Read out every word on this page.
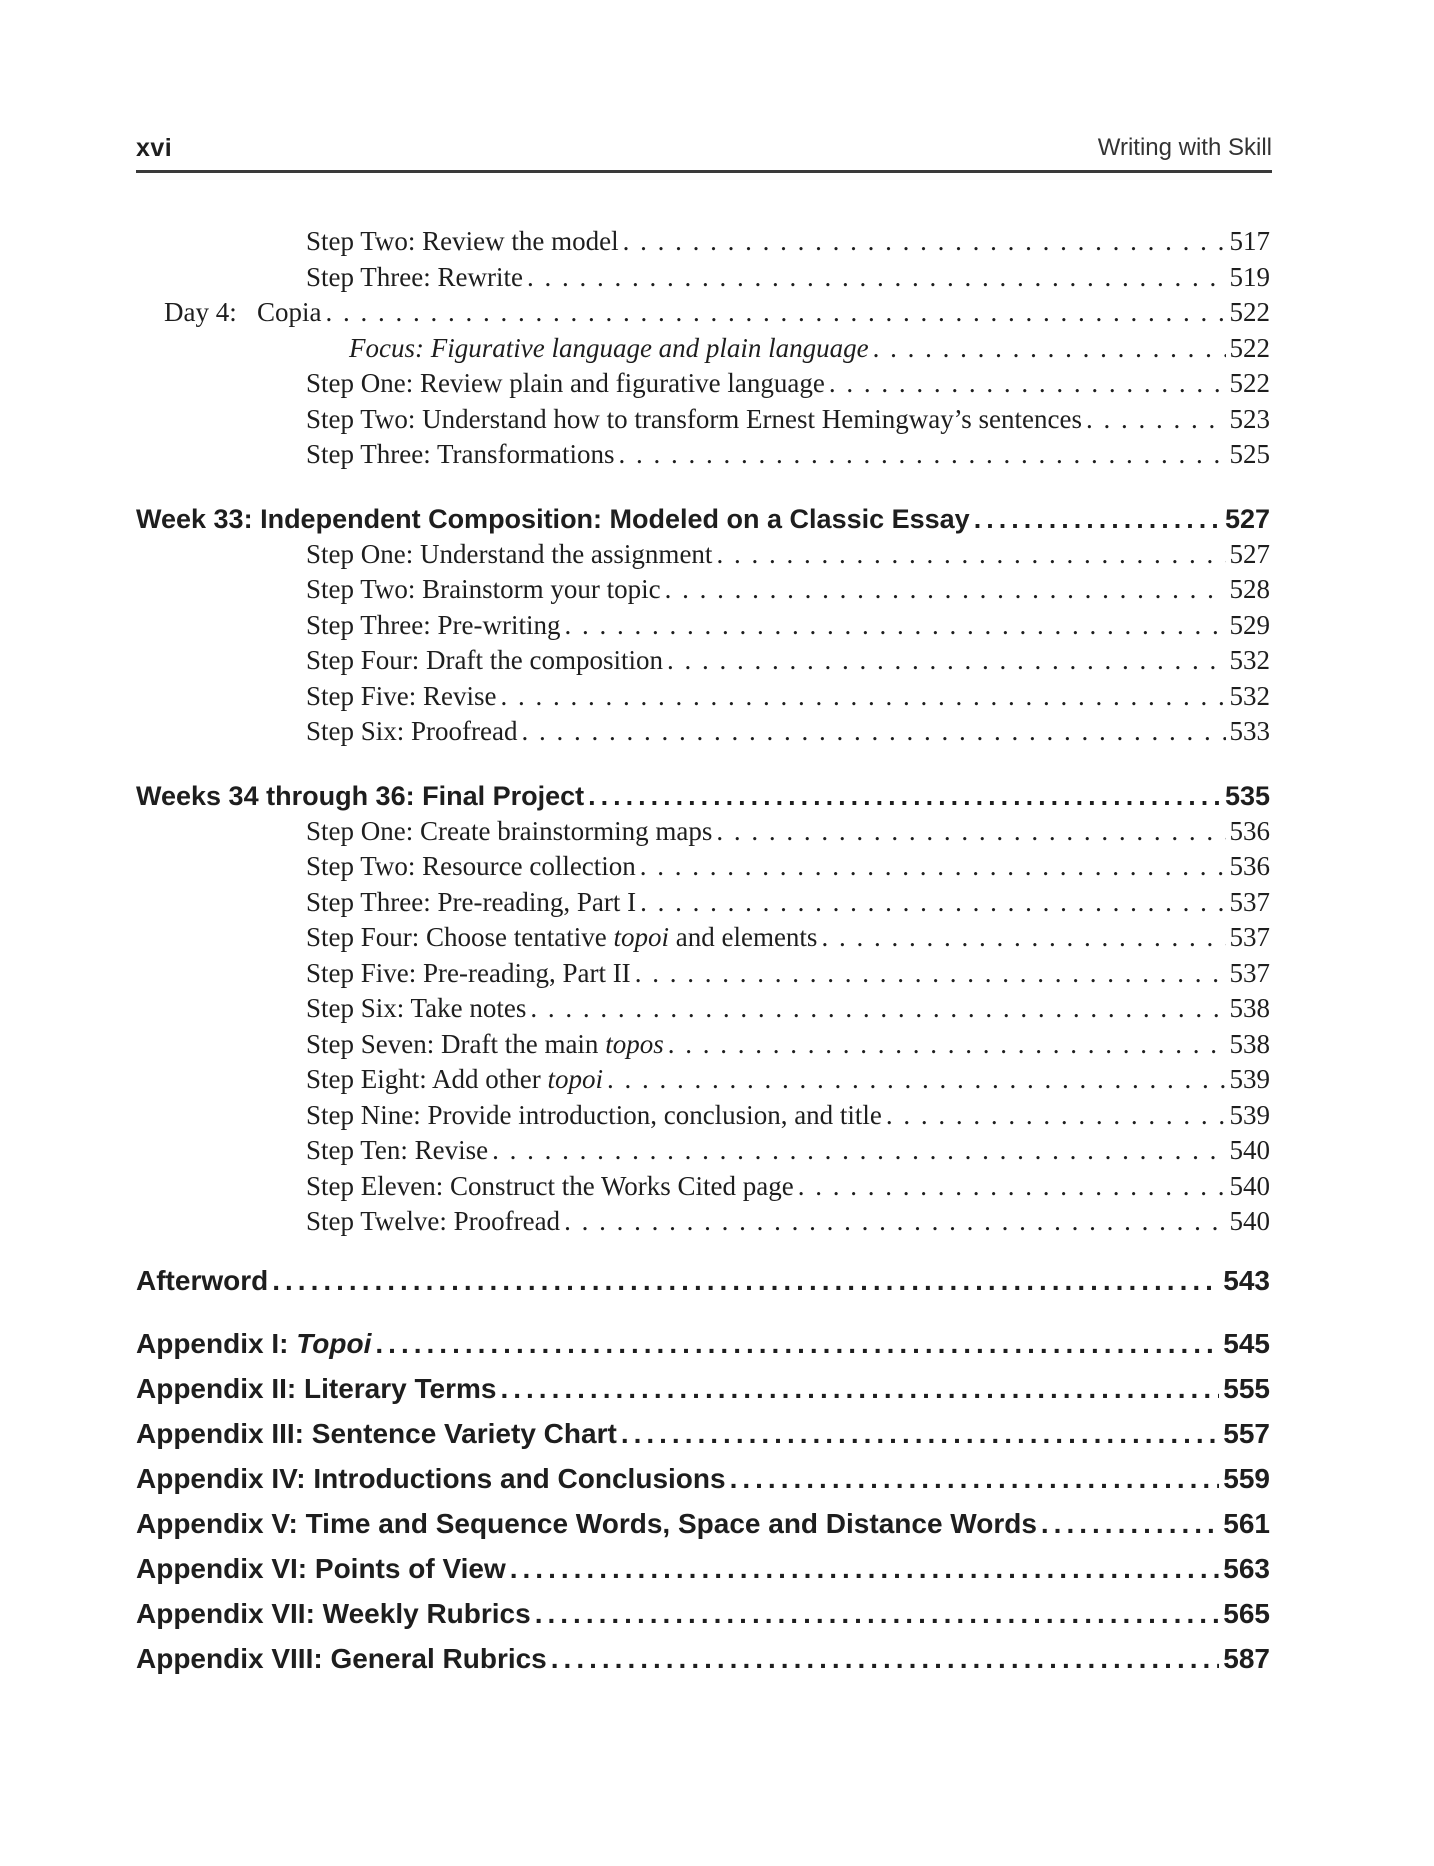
xvi	Writing with Skill
Step Two: Review the model . . .	517
Step Three: Rewrite . . .	519
Day 4: Copia . . .	522
Focus: Figurative language and plain language . . .	522
Step One: Review plain and figurative language . . .	522
Step Two: Understand how to transform Ernest Hemingway’s sentences . . .	523
Step Three: Transformations . . .	525
Week 33: Independent Composition: Modeled on a Classic Essay .....	527
Step One: Understand the assignment . . .	527
Step Two: Brainstorm your topic . . .	528
Step Three: Pre-writing . . .	529
Step Four: Draft the composition . . .	532
Step Five: Revise . . .	532
Step Six: Proofread . . .	533
Weeks 34 through 36: Final Project .....	535
Step One: Create brainstorming maps . . .	536
Step Two: Resource collection . . .	536
Step Three: Pre-reading, Part I . . .	537
Step Four: Choose tentative topoi and elements . . .	537
Step Five: Pre-reading, Part II . . .	537
Step Six: Take notes . . .	538
Step Seven: Draft the main topos . . .	538
Step Eight: Add other topoi . . .	539
Step Nine: Provide introduction, conclusion, and title . . .	539
Step Ten: Revise . . .	540
Step Eleven: Construct the Works Cited page . . .	540
Step Twelve: Proofread . . .	540
Afterword .....	543
Appendix I: Topoi .....	545
Appendix II: Literary Terms .....	555
Appendix III: Sentence Variety Chart .....	557
Appendix IV: Introductions and Conclusions .....	559
Appendix V: Time and Sequence Words, Space and Distance Words .....	561
Appendix VI: Points of View .....	563
Appendix VII: Weekly Rubrics .....	565
Appendix VIII: General Rubrics .....	587
